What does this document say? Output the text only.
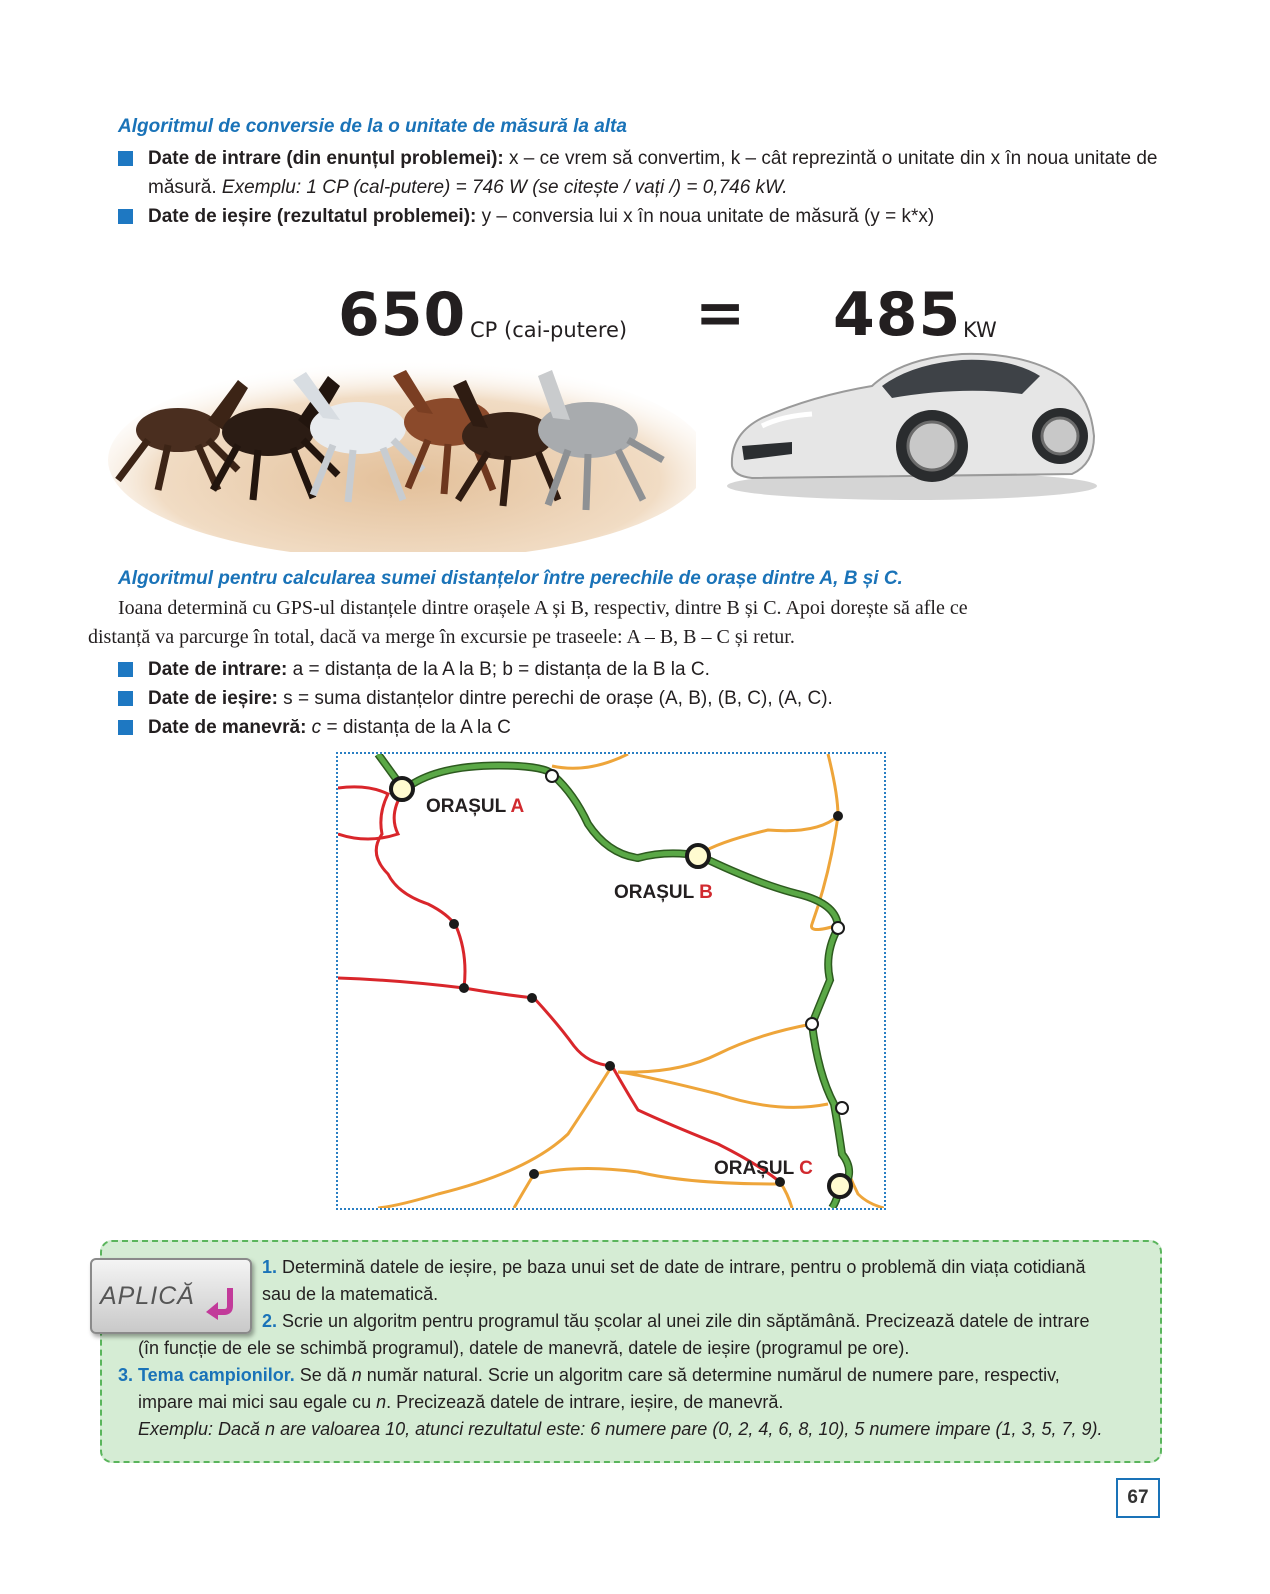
Algoritmul de conversie de la o unitate de măsură la alta
Date de intrare (din enunțul problemei): x – ce vrem să convertim, k – cât reprezintă o unitate din x în noua unitate de măsură. Exemplu: 1 CP (cal-putere) = 746 W (se citește / vați /) = 0,746 kW.
Date de ieșire (rezultatul problemei): y – conversia lui x în noua unitate de măsură (y = k*x)
650 CP (cai-putere) = 485 KW
Algoritmul pentru calcularea sumei distanțelor între perechile de orașe dintre A, B și C.
Ioana determină cu GPS-ul distanțele dintre orașele A și B, respectiv, dintre B și C. Apoi dorește să afle ce
distanță va parcurge în total, dacă va merge în excursie pe traseele: A – B, B – C și retur.
Date de intrare: a = distanța de la A la B; b = distanța de la B la C.
Date de ieșire: s = suma distanțelor dintre perechi de orașe (A, B), (B, C), (A, C).
Date de manevră: c = distanța de la A la C
ORAȘUL A
ORAȘUL B
ORAȘUL C
APLICĂ
1. Determină datele de ieșire, pe baza unui set de date de intrare, pentru o problemă din viața cotidiană
sau de la matematică.
2. Scrie un algoritm pentru programul tău școlar al unei zile din săptămână. Precizează datele de intrare
(în funcție de ele se schimbă programul), datele de manevră, datele de ieșire (programul pe ore).
3. Tema campionilor. Se dă n număr natural. Scrie un algoritm care să determine numărul de numere pare, respectiv,
impare mai mici sau egale cu n. Precizează datele de intrare, ieșire, de manevră.
Exemplu: Dacă n are valoarea 10, atunci rezultatul este: 6 numere pare (0, 2, 4, 6, 8, 10), 5 numere impare (1, 3, 5, 7, 9).
67
